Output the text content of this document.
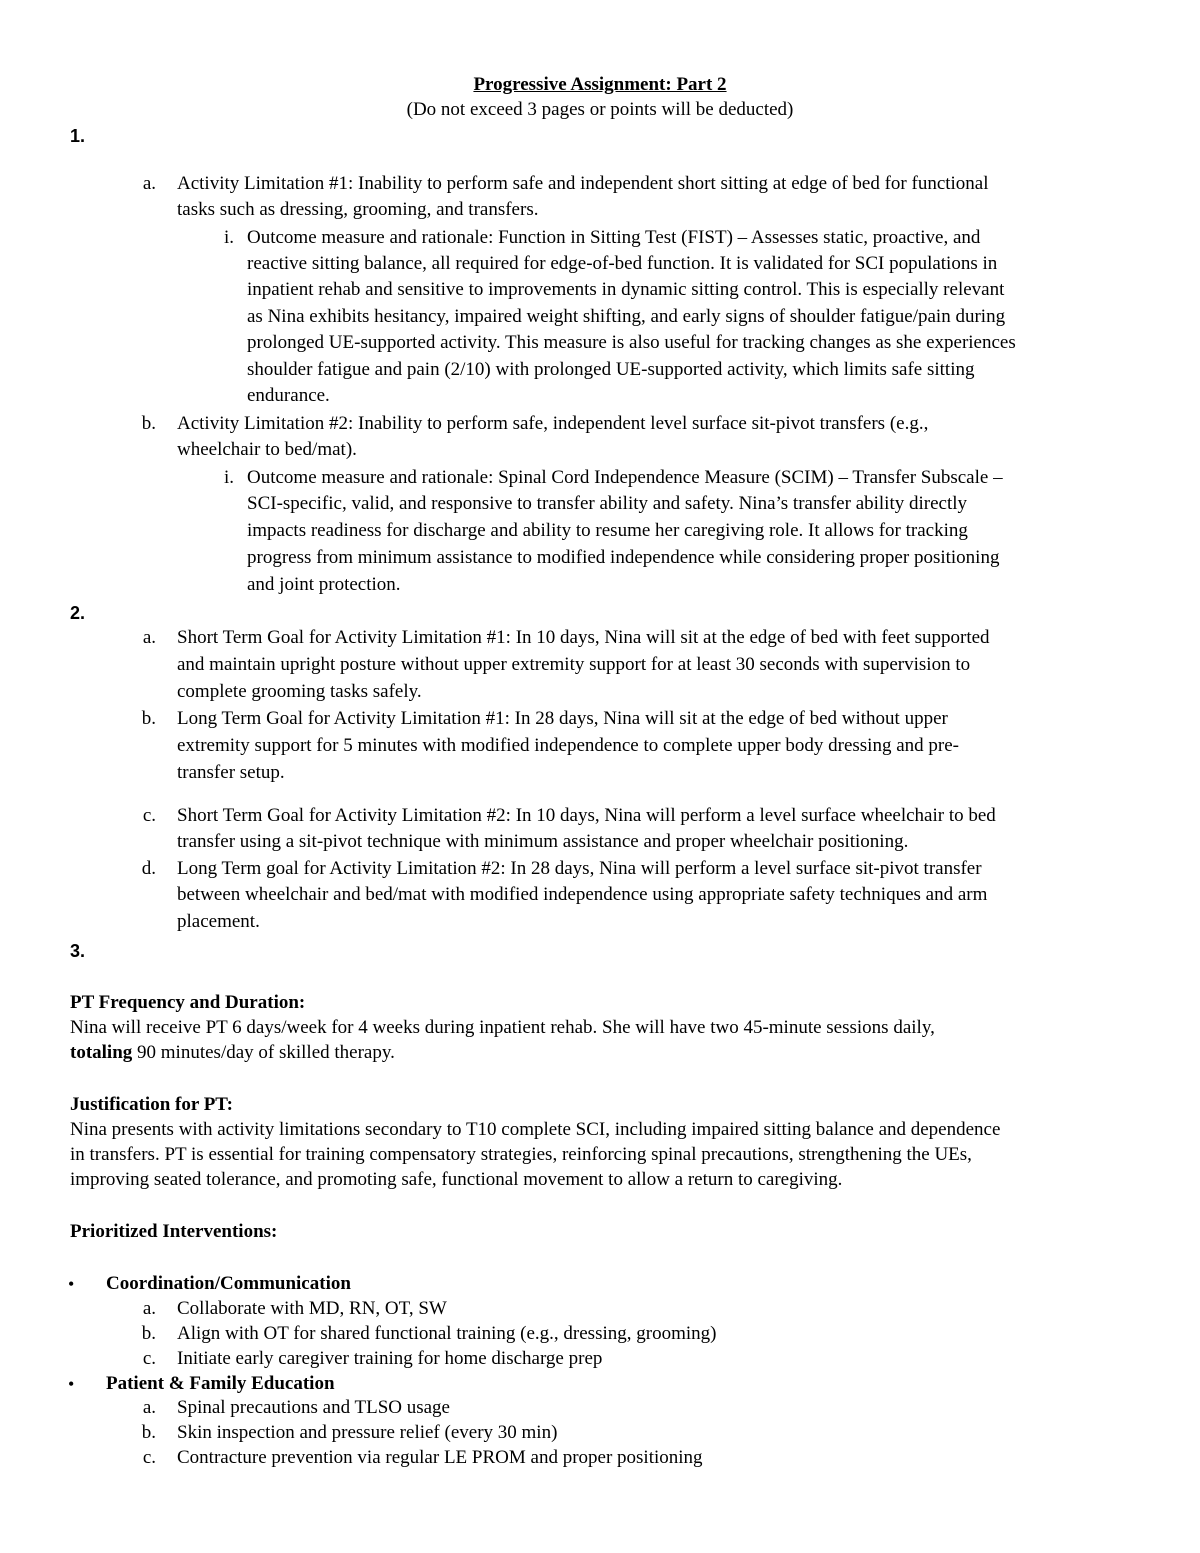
Progressive Assignment: Part 2
(Do not exceed 3 pages or points will be deducted)
1.
a. Activity Limitation #1: Inability to perform safe and independent short sitting at edge of bed for functional
tasks such as dressing, grooming, and transfers.
i. Outcome measure and rationale: Function in Sitting Test (FIST) – Assesses static, proactive, and
reactive sitting balance, all required for edge-of-bed function. It is validated for SCI populations in
inpatient rehab and sensitive to improvements in dynamic sitting control. This is especially relevant
as Nina exhibits hesitancy, impaired weight shifting, and early signs of shoulder fatigue/pain during
prolonged UE-supported activity. This measure is also useful for tracking changes as she experiences
shoulder fatigue and pain (2/10) with prolonged UE-supported activity, which limits safe sitting
endurance.
b. Activity Limitation #2: Inability to perform safe, independent level surface sit-pivot transfers (e.g.,
wheelchair to bed/mat).
i. Outcome measure and rationale: Spinal Cord Independence Measure (SCIM) – Transfer Subscale –
SCI-specific, valid, and responsive to transfer ability and safety. Nina’s transfer ability directly
impacts readiness for discharge and ability to resume her caregiving role. It allows for tracking
progress from minimum assistance to modified independence while considering proper positioning
and joint protection.
2.
a. Short Term Goal for Activity Limitation #1: In 10 days, Nina will sit at the edge of bed with feet supported
and maintain upright posture without upper extremity support for at least 30 seconds with supervision to
complete grooming tasks safely.
b. Long Term Goal for Activity Limitation #1: In 28 days, Nina will sit at the edge of bed without upper
extremity support for 5 minutes with modified independence to complete upper body dressing and pre-
transfer setup.
c. Short Term Goal for Activity Limitation #2: In 10 days, Nina will perform a level surface wheelchair to bed
transfer using a sit-pivot technique with minimum assistance and proper wheelchair positioning.
d. Long Term goal for Activity Limitation #2: In 28 days, Nina will perform a level surface sit-pivot transfer
between wheelchair and bed/mat with modified independence using appropriate safety techniques and arm
placement.
3.
PT Frequency and Duration:
Nina will receive PT 6 days/week for 4 weeks during inpatient rehab. She will have two 45-minute sessions daily,
totaling 90 minutes/day of skilled therapy.
Justification for PT:
Nina presents with activity limitations secondary to T10 complete SCI, including impaired sitting balance and dependence
in transfers. PT is essential for training compensatory strategies, reinforcing spinal precautions, strengthening the UEs,
improving seated tolerance, and promoting safe, functional movement to allow a return to caregiving.
Prioritized Interventions:
• Coordination/Communication
a. Collaborate with MD, RN, OT, SW
b. Align with OT for shared functional training (e.g., dressing, grooming)
c. Initiate early caregiver training for home discharge prep
• Patient & Family Education
a. Spinal precautions and TLSO usage
b. Skin inspection and pressure relief (every 30 min)
c. Contracture prevention via regular LE PROM and proper positioning
